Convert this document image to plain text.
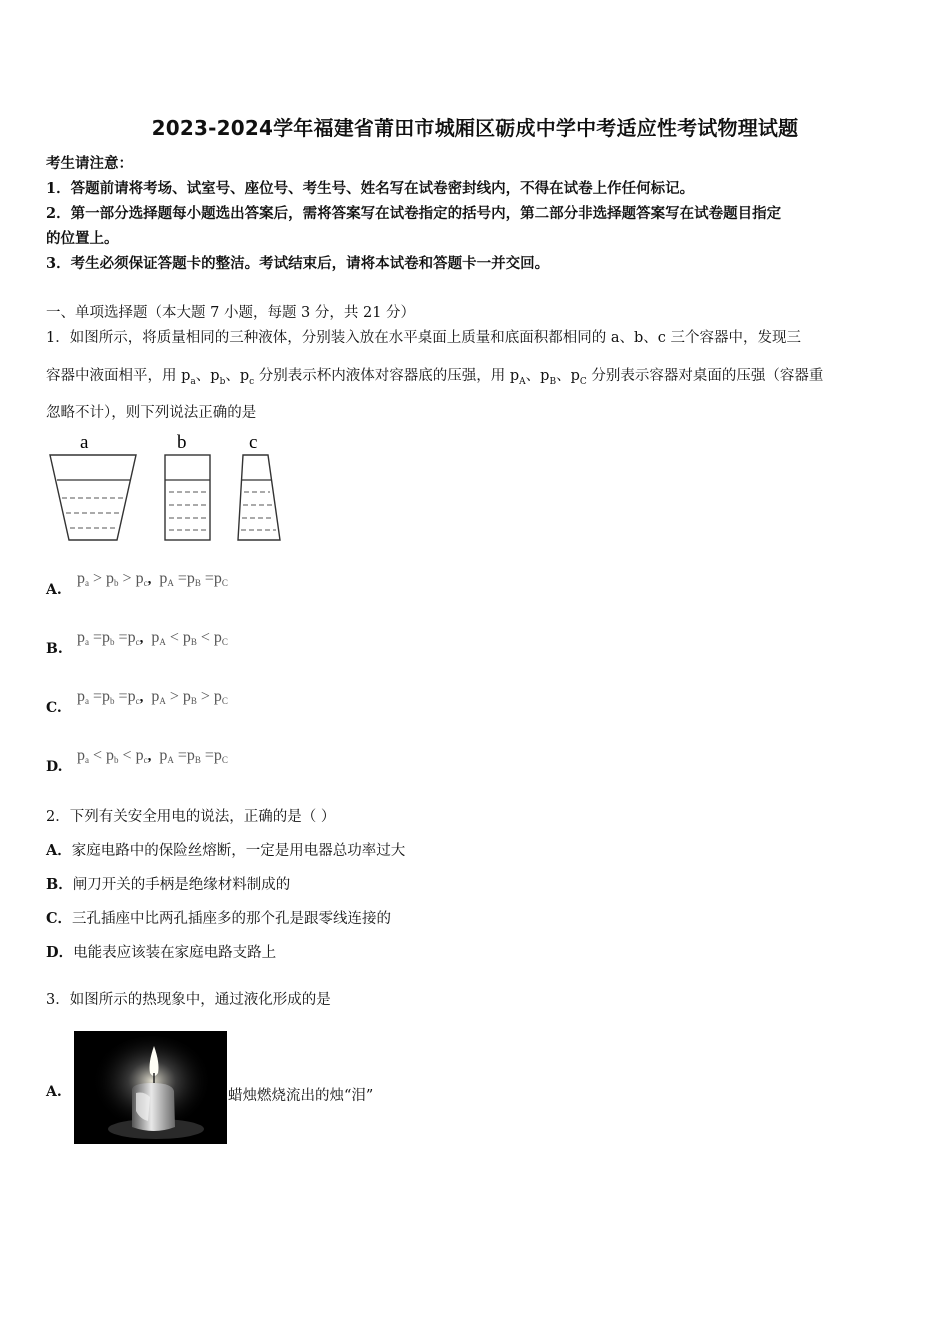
2023-2024学年福建省莆田市城厢区砺成中学中考适应性考试物理试题
考生请注意：
1．答题前请将考场、试室号、座位号、考生号、姓名写在试卷密封线内，不得在试卷上作任何标记。
2．第一部分选择题每小题选出答案后，需将答案写在试卷指定的括号内，第二部分非选择题答案写在试卷题目指定
的位置上。
3．考生必须保证答题卡的整洁。考试结束后，请将本试卷和答题卡一并交回。
一、单项选择题（本大题 7 小题，每题 3 分，共 21 分）
1．如图所示，将质量相同的三种液体，分别装入放在水平桌面上质量和底面积都相同的 a、b、c 三个容器中，发现三
容器中液面相平，用 $p_a$、$p_b$、$p_c$ 分别表示杯内液体对容器底的压强，用 $p_A$、$p_B$、$p_C$ 分别表示容器对桌面的压强（容器重
忽略不计），则下列说法正确的是
a	b	c
A.
$p_a > p_b > p_c$, $p_A =p_B =p_C$
B.
$p_a =p_b =p_c$, $p_A < p_B < p_C$
C.
$p_a =p_b =p_c$, $p_A > p_B > p_C$
D.
$p_a < p_b < p_c$, $p_A =p_B =p_C$
2．下列有关安全用电的说法，正确的是（ ）
A．家庭电路中的保险丝熔断，一定是用电器总功率过大
B．闸刀开关的手柄是绝缘材料制成的
C．三孔插座中比两孔插座多的那个孔是跟零线连接的
D．电能表应该装在家庭电路支路上
3．如图所示的热现象中，通过液化形成的是
A.	蜡烛燃烧流出的烛“泪”
